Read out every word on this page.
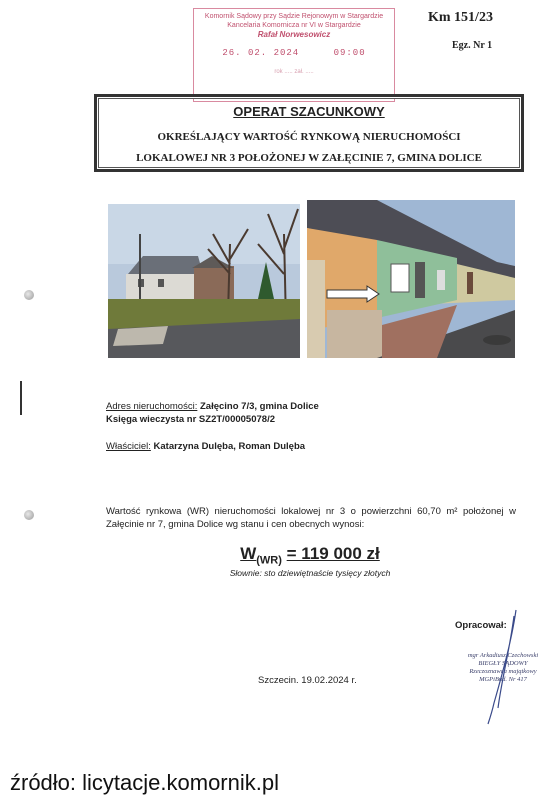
Komornik Sądowy przy Sądzie Rejonowym w Stargardzie
Kancelaria Komornicza nr VI w Stargardzie
Rafał Norwesowicz
26. 02. 2024	09:00
rok ..... zał. .....
Km 151/23
Egz. Nr 1
OPERAT SZACUNKOWY
OKREŚLAJĄCY WARTOŚĆ RYNKOWĄ NIERUCHOMOŚCI
LOKALOWEJ NR 3 POŁOŻONEJ W ZAŁĘCINIE 7, GMINA DOLICE
Adres nieruchomości: Załęcino 7/3, gmina Dolice
Księga wieczysta nr SZ2T/00005078/2
Właściciel: Katarzyna Dulęba, Roman Dulęba
Wartość rynkowa (WR) nieruchomości lokalowej nr 3 o powierzchni 60,70 m² położonej w Załęcinie nr 7, gmina Dolice wg stanu i cen obecnych wynosi:
$W_{(WR)} = 119$ 000 zł
Słownie: sto dziewiętnaście tysięcy złotych
Opracował:
mgr Arkadiusz Czechowski
BIEGŁY SĄDOWY
Rzeczoznawca majątkowy
MGPiBud. Nr 417
Szczecin. 19.02.2024 r.
źródło: licytacje.komornik.pl
